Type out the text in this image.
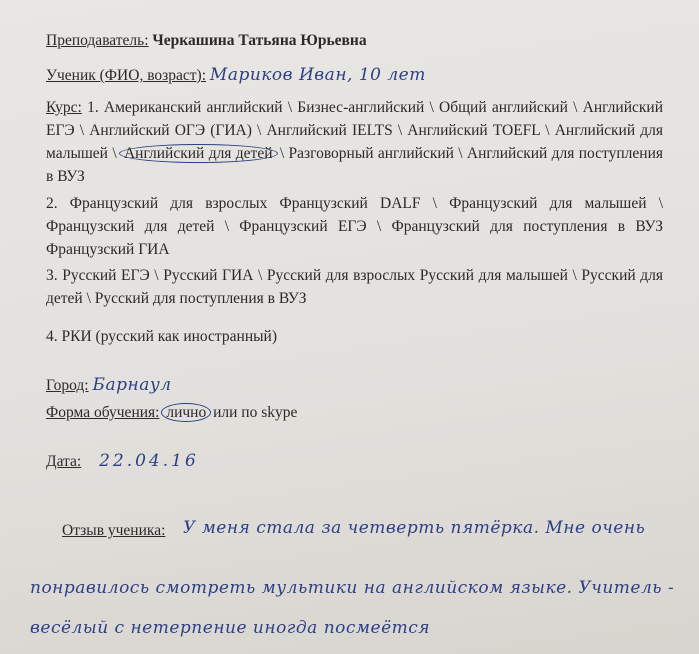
Преподаватель: Черкашина Татьяна Юрьевна
Ученик (ФИО, возраст): Мариков Иван, 10 лет
Курс: 1. Американский английский \ Бизнес-английский \ Общий английский \ Английский ЕГЭ \ Английский ОГЭ (ГИА) \ Английский IELTS \ Английский TOEFL \ Английский для малышей \ Английский для детей \ Разговорный английский \ Английский для поступления в ВУЗ
2. Французский для взрослых Французский DALF \ Французский для малышей \ Французский для детей \ Французский ЕГЭ \ Французский для поступления в ВУЗ Французский ГИА
3. Русский ЕГЭ \ Русский ГИА \ Русский для взрослых Русский для малышей \ Русский для детей \ Русский для поступления в ВУЗ
4. РКИ (русский как иностранный)
Город: Барнаул
Форма обучения: лично или по skype
Дата: 22.04.16
Отзыв ученика: У меня стала за четверть пятёрка. Мне очень
понравилось смотреть мультики на английском языке. Учитель -
весёлый с нетерпение иногда посмеётся
